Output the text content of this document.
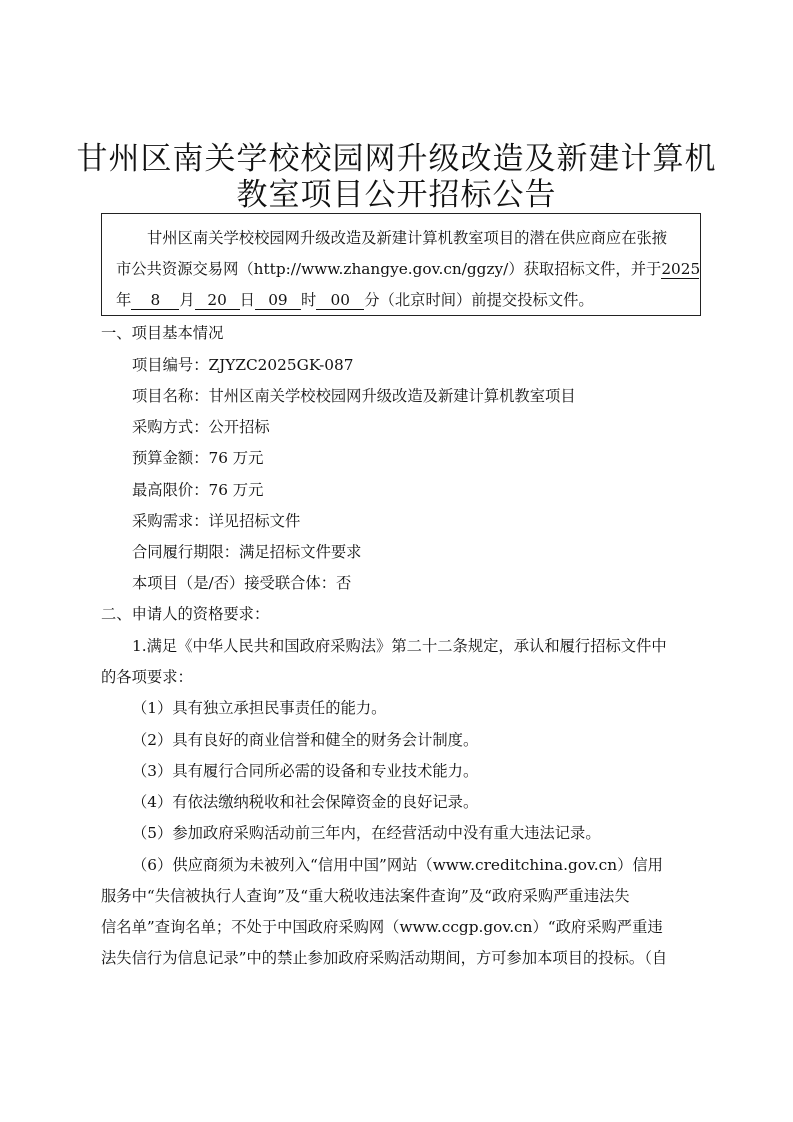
甘州区南关学校校园网升级改造及新建计算机
教室项目公开招标公告
甘州区南关学校校园网升级改造及新建计算机教室项目的潜在供应商应在张掖
市公共资源交易网（http://www.zhangye.gov.cn/ggzy/）获取招标文件，并于2025
年 8 月 20 日 09 时 00 分（北京时间）前提交投标文件。
一、项目基本情况
项目编号：ZJYZC2025GK-087
项目名称：甘州区南关学校校园网升级改造及新建计算机教室项目
采购方式：公开招标
预算金额：76 万元
最高限价：76 万元
采购需求：详见招标文件
合同履行期限：满足招标文件要求
本项目（是/否）接受联合体：否
二、申请人的资格要求：
1.满足《中华人民共和国政府采购法》第二十二条规定，承认和履行招标文件中
的各项要求：
（1）具有独立承担民事责任的能力。
（2）具有良好的商业信誉和健全的财务会计制度。
（3）具有履行合同所必需的设备和专业技术能力。
（4）有依法缴纳税收和社会保障资金的良好记录。
（5）参加政府采购活动前三年内，在经营活动中没有重大违法记录。
（6）供应商须为未被列入“信用中国”网站（www.creditchina.gov.cn）信用
服务中“失信被执行人查询”及“重大税收违法案件查询”及“政府采购严重违法失
信名单”查询名单；不处于中国政府采购网（www.ccgp.gov.cn）“政府采购严重违
法失信行为信息记录”中的禁止参加政府采购活动期间，方可参加本项目的投标。（自
